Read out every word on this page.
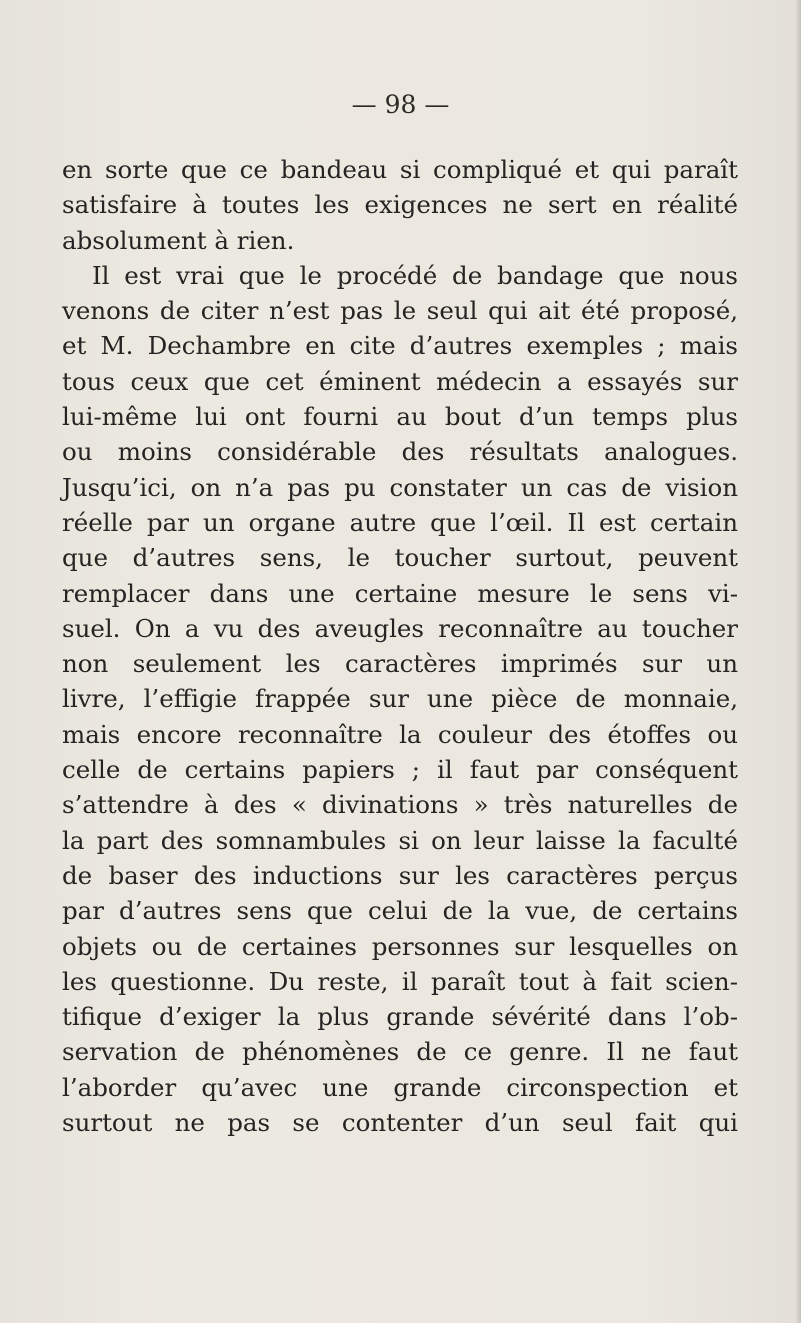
— 98 —
en sorte que ce bandeau si compliqué et qui paraît
satisfaire à toutes les exigences ne sert en réalité
absolument à rien.
Il est vrai que le procédé de bandage que nous
venons de citer n’est pas le seul qui ait été proposé,
et M. Dechambre en cite d’autres exemples ; mais
tous ceux que cet éminent médecin a essayés sur
lui-même lui ont fourni au bout d’un temps plus
ou moins considérable des résultats analogues.
Jusqu’ici, on n’a pas pu constater un cas de vision
réelle par un organe autre que l’œil. Il est certain
que d’autres sens, le toucher surtout, peuvent
remplacer dans une certaine mesure le sens vi-
suel. On a vu des aveugles reconnaître au toucher
non seulement les caractères imprimés sur un
livre, l’effigie frappée sur une pièce de monnaie,
mais encore reconnaître la couleur des étoffes ou
celle de certains papiers ; il faut par conséquent
s’attendre à des « divinations » très naturelles de
la part des somnambules si on leur laisse la faculté
de baser des inductions sur les caractères perçus
par d’autres sens que celui de la vue, de certains
objets ou de certaines personnes sur lesquelles on
les questionne. Du reste, il paraît tout à fait scien-
tifique d’exiger la plus grande sévérité dans l’ob-
servation de phénomènes de ce genre. Il ne faut
l’aborder qu’avec une grande circonspection et
surtout ne pas se contenter d’un seul fait qui
